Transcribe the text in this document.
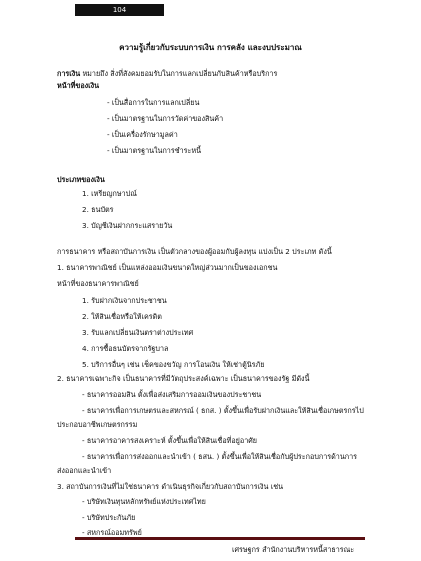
104
ความรู้เกี่ยวกับระบบการเงิน การคลัง และงบประมาณ
การเงิน หมายถึง สิ่งที่สังคมยอมรับในการแลกเปลี่ยนกับสินค้าหรือบริการ
หน้าที่ของเงิน
- เป็นสื่อการในการแลกเปลี่ยน
- เป็นมาตรฐานในการวัดค่าของสินค้า
- เป็นเครื่องรักษามูลค่า
- เป็นมาตรฐานในการชำระหนี้
ประเภทของเงิน
1. เหรียญกษาปณ์
2. ธนบัตร
3. บัญชีเงินฝากกระแสรายวัน
การธนาคาร หรือสถาบันการเงิน เป็นตัวกลางของผู้ออมกับผู้ลงทุน แบ่งเป็น 2 ประเภท ดังนี้
1. ธนาคารพาณิชย์ เป็นแหล่งออมเงินขนาดใหญ่ส่วนมากเป็นของเอกชน
หน้าที่ของธนาคารพาณิชย์
1. รับฝากเงินจากประชาชน
2. ให้สินเชื่อหรือให้เครดิต
3. รับแลกเปลี่ยนเงินตราต่างประเทศ
4. การซื้อธนบัตรจากรัฐบาล
5. บริการอื่นๆ เช่น เช็คของขวัญ การโอนเงิน ให้เช่าตู้นิรภัย
2. ธนาคารเฉพาะกิจ เป็นธนาคารที่มีวัตถุประสงค์เฉพาะ เป็นธนาคารของรัฐ มีดังนี้
- ธนาคารออมสิน ตั้งเพื่อส่งเสริมการออมเงินของประชาชน
- ธนาคารเพื่อการเกษตรและสหกรณ์ ( ธกส. ) ตั้งขึ้นเพื่อรับฝากเงินและให้สินเชื่อเกษตรกรไป
ประกอบอาชีพเกษตรกรรม
- ธนาคารอาคารสงเคราะห์ ตั้งขึ้นเพื่อให้สินเชื่อที่อยู่อาศัย
- ธนาคารเพื่อการส่งออกและนำเข้า ( ธสน. ) ตั้งขึ้นเพื่อให้สินเชื่อกับผู้ประกอบการด้านการ
ส่งออกและนำเข้า
3. สถาบันการเงินที่ไม่ใช่ธนาคาร ดำเนินธุรกิจเกี่ยวกับสถาบันการเงิน เช่น
- บริษัทเงินทุนหลักทรัพย์แห่งประเทศไทย
- บริษัทประกันภัย
- สหกรณ์ออมทรัพย์
เศรษฐกร สำนักงานบริหารหนี้สาธารณะ
